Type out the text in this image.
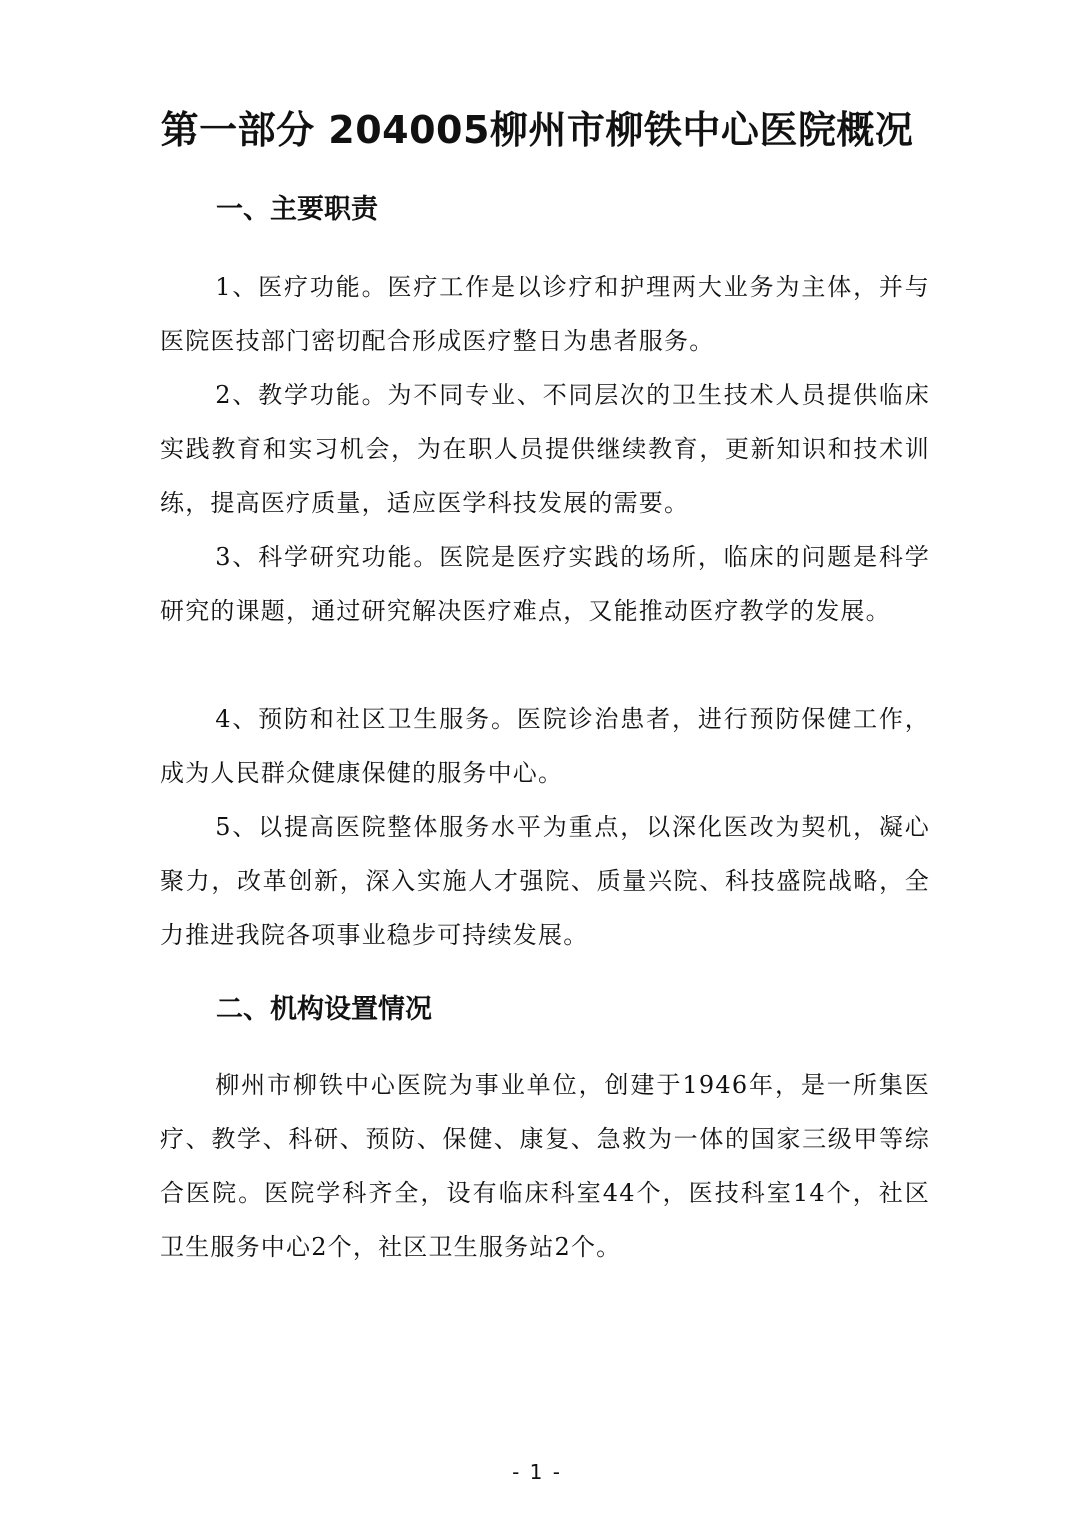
第一部分 204005柳州市柳铁中心医院概况
一、主要职责

1、医疗功能。医疗工作是以诊疗和护理两大业务为主体，并与医院医技部门密切配合形成医疗整日为患者服务。

2、教学功能。为不同专业、不同层次的卫生技术人员提供临床实践教育和实习机会，为在职人员提供继续教育，更新知识和技术训练，提高医疗质量，适应医学科技发展的需要。

3、科学研究功能。医院是医疗实践的场所，临床的问题是科学研究的课题，通过研究解决医疗难点，又能推动医疗教学的发展。

4、预防和社区卫生服务。医院诊治患者，进行预防保健工作，成为人民群众健康保健的服务中心。

5、以提高医院整体服务水平为重点，以深化医改为契机，凝心聚力，改革创新，深入实施人才强院、质量兴院、科技盛院战略，全力推进我院各项事业稳步可持续发展。

二、机构设置情况

柳州市柳铁中心医院为事业单位，创建于1946年，是一所集医疗、教学、科研、预防、保健、康复、急救为一体的国家三级甲等综合医院。医院学科齐全，设有临床科室44个，医技科室14个，社区卫生服务中心2个，社区卫生服务站2个。

- 1 -
